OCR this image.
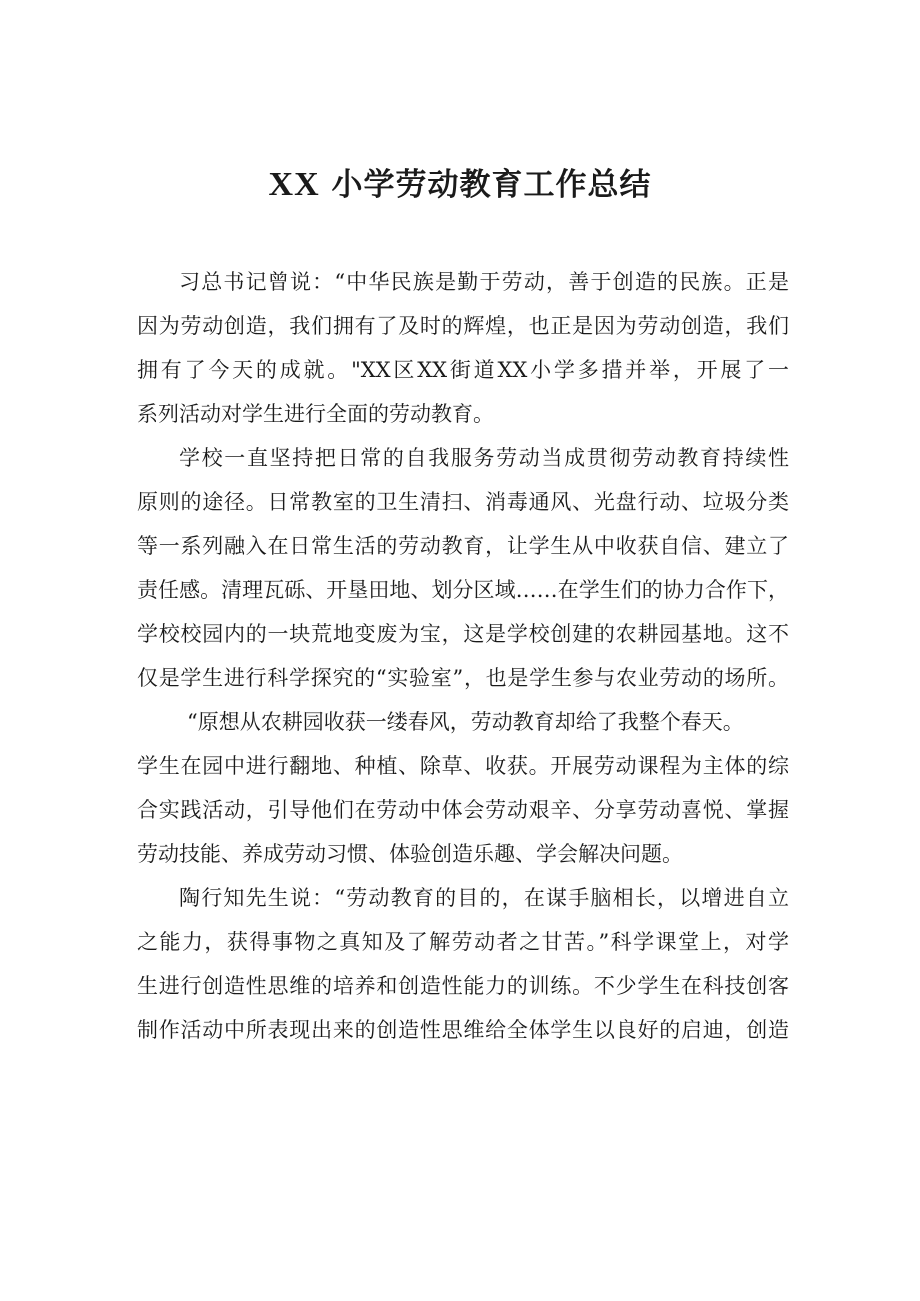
XX 小学劳动教育工作总结
习总书记曾说：“中华民族是勤于劳动，善于创造的民族。正是
因为劳动创造，我们拥有了及时的辉煌，也正是因为劳动创造，我们
拥有了今天的成就。"XX区XX街道XX小学多措并举，开展了一
系列活动对学生进行全面的劳动教育。
学校一直坚持把日常的自我服务劳动当成贯彻劳动教育持续性
原则的途径。日常教室的卫生清扫、消毒通风、光盘行动、垃圾分类
等一系列融入在日常生活的劳动教育，让学生从中收获自信、建立了
责任感。清理瓦砾、开垦田地、划分区域……在学生们的协力合作下，
学校校园内的一块荒地变废为宝，这是学校创建的农耕园基地。这不
仅是学生进行科学探究的“实验室”，也是学生参与农业劳动的场所。
“原想从农耕园收获一缕春风，劳动教育却给了我整个春天。
学生在园中进行翻地、种植、除草、收获。开展劳动课程为主体的综
合实践活动，引导他们在劳动中体会劳动艰辛、分享劳动喜悦、掌握
劳动技能、养成劳动习惯、体验创造乐趣、学会解决问题。
陶行知先生说：“劳动教育的目的，在谋手脑相长，以增进自立
之能力，获得事物之真知及了解劳动者之甘苦。”科学课堂上，对学
生进行创造性思维的培养和创造性能力的训练。不少学生在科技创客
制作活动中所表现出来的创造性思维给全体学生以良好的启迪，创造
